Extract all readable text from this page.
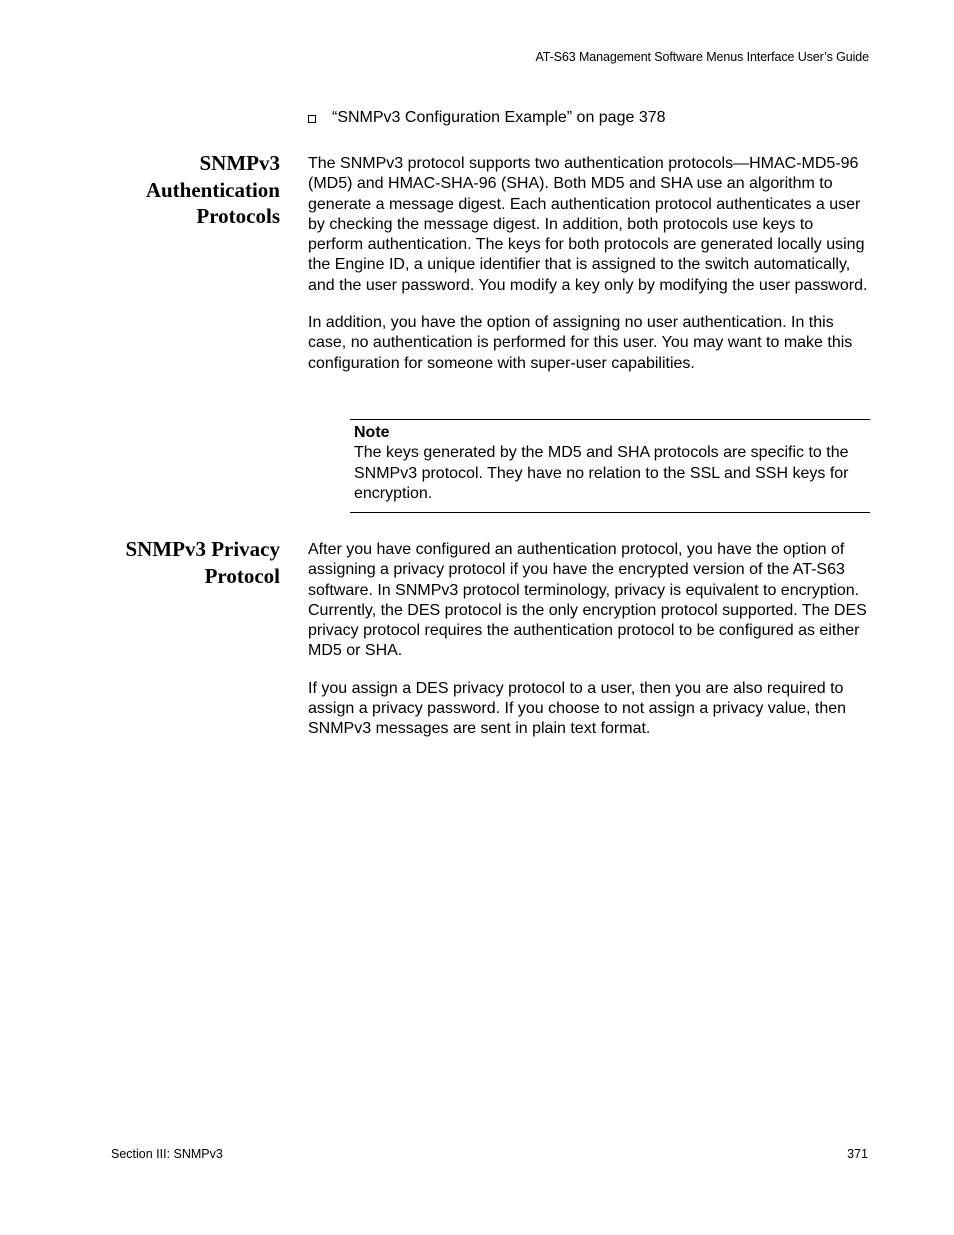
AT-S63 Management Software Menus Interface User’s Guide
“SNMPv3 Configuration Example” on page 378
SNMPv3
Authentication
Protocols

The SNMPv3 protocol supports two authentication protocols—HMAC-MD5-96 (MD5) and HMAC-SHA-96 (SHA). Both MD5 and SHA use an algorithm to generate a message digest. Each authentication protocol authenticates a user by checking the message digest. In addition, both protocols use keys to perform authentication. The keys for both protocols are generated locally using the Engine ID, a unique identifier that is assigned to the switch automatically, and the user password. You modify a key only by modifying the user password.

In addition, you have the option of assigning no user authentication. In this case, no authentication is performed for this user. You may want to make this configuration for someone with super-user capabilities.

Note
The keys generated by the MD5 and SHA protocols are specific to the SNMPv3 protocol. They have no relation to the SSL and SSH keys for encryption.
SNMPv3 Privacy
Protocol

After you have configured an authentication protocol, you have the option of assigning a privacy protocol if you have the encrypted version of the AT-S63 software. In SNMPv3 protocol terminology, privacy is equivalent to encryption. Currently, the DES protocol is the only encryption protocol supported. The DES privacy protocol requires the authentication protocol to be configured as either MD5 or SHA.

If you assign a DES privacy protocol to a user, then you are also required to assign a privacy password. If you choose to not assign a privacy value, then SNMPv3 messages are sent in plain text format.

Section III: SNMPv3	371
